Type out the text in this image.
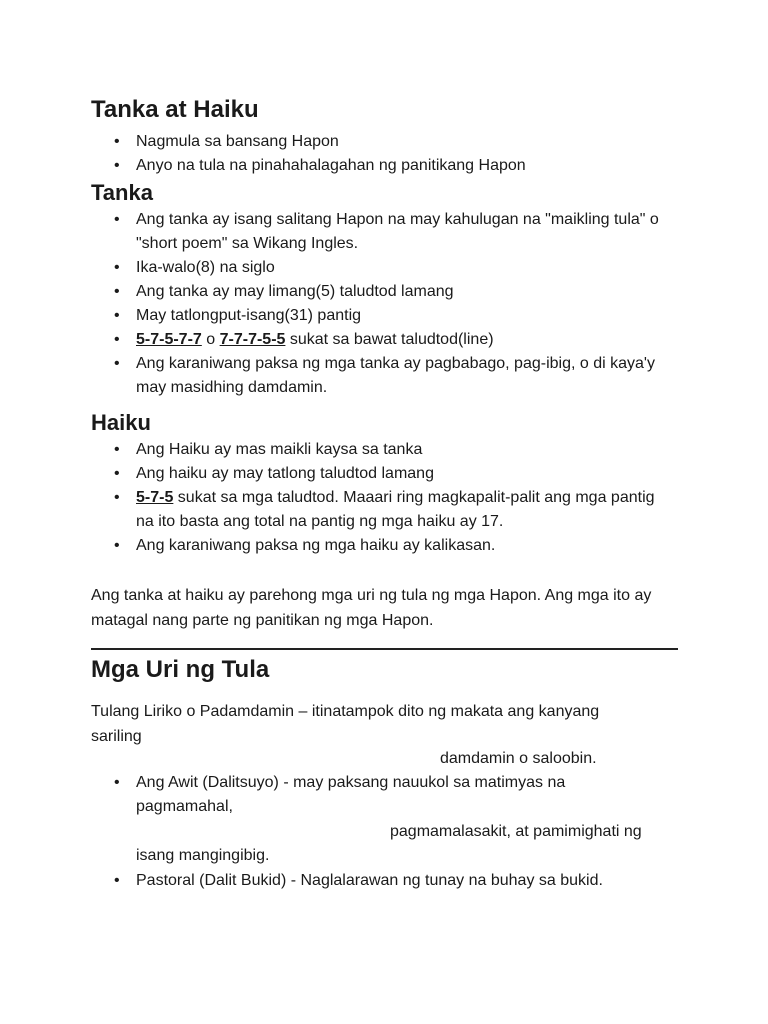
Tanka at Haiku
• Nagmula sa bansang Hapon
• Anyo na tula na pinahahalagahan ng panitikang Hapon
Tanka
• Ang tanka ay isang salitang Hapon na may kahulugan na "maikling tula" o "short poem" sa Wikang Ingles.
• Ika-walo(8) na siglo
• Ang tanka ay may limang(5) taludtod lamang
• May tatlongput-isang(31) pantig
• 5-7-5-7-7 o 7-7-7-5-5 sukat sa bawat taludtod(line)
• Ang karaniwang paksa ng mga tanka ay pagbabago, pag-ibig, o di kaya'y may masidhing damdamin.
Haiku
• Ang Haiku ay mas maikli kaysa sa tanka
• Ang haiku ay may tatlong taludtod lamang
• 5-7-5 sukat sa mga taludtod. Maaari ring magkapalit-palit ang mga pantig na ito basta ang total na pantig ng mga haiku ay 17.
• Ang karaniwang paksa ng mga haiku ay kalikasan.
Ang tanka at haiku ay parehong mga uri ng tula ng mga Hapon. Ang mga ito ay matagal nang parte ng panitikan ng mga Hapon.
Mga Uri ng Tula
Tulang Liriko o Padamdamin – itinatampok dito ng makata ang kanyang
sariling
damdamin o saloobin.
• Ang Awit (Dalitsuyo) - may paksang nauukol sa matimyas na
pagmamahal,
pagmamalasakit, at pamimighati ng
isang mangingibig.
• Pastoral (Dalit Bukid) - Naglalarawan ng tunay na buhay sa bukid.
